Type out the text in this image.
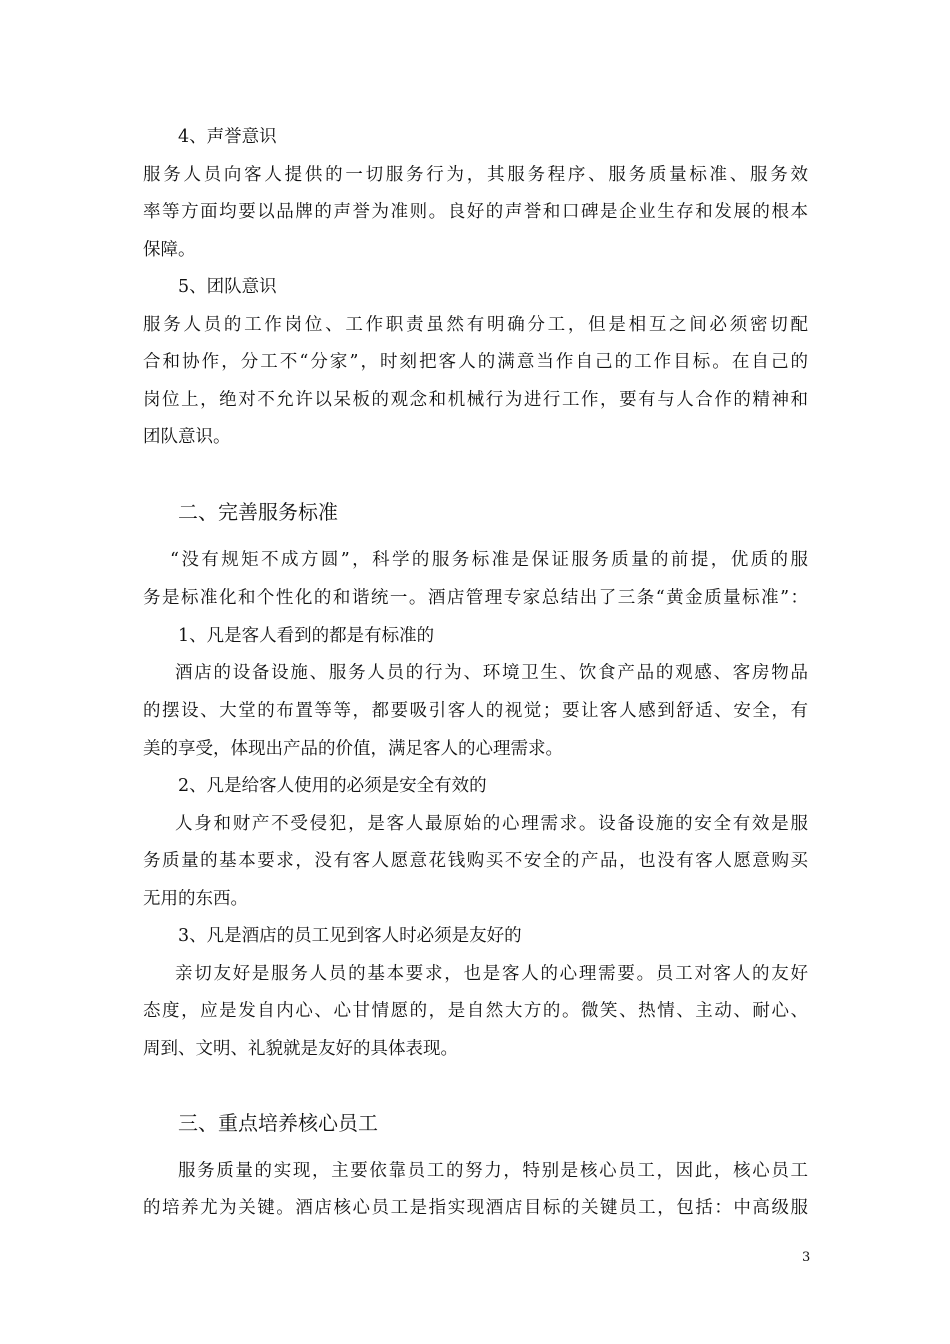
4、声誉意识
服务人员向客人提供的一切服务行为，其服务程序、服务质量标准、服务效
率等方面均要以品牌的声誉为准则。良好的声誉和口碑是企业生存和发展的根本
保障。
5、团队意识
服务人员的工作岗位、工作职责虽然有明确分工，但是相互之间必须密切配
合和协作，分工不“分家”，时刻把客人的满意当作自己的工作目标。在自己的
岗位上，绝对不允许以呆板的观念和机械行为进行工作，要有与人合作的精神和
团队意识。
二、完善服务标准
“没有规矩不成方圆”，科学的服务标准是保证服务质量的前提，优质的服
务是标准化和个性化的和谐统一。酒店管理专家总结出了三条“黄金质量标准”：
1、凡是客人看到的都是有标准的
酒店的设备设施、服务人员的行为、环境卫生、饮食产品的观感、客房物品
的摆设、大堂的布置等等，都要吸引客人的视觉；要让客人感到舒适、安全，有
美的享受，体现出产品的价值，满足客人的心理需求。
2、凡是给客人使用的必须是安全有效的
人身和财产不受侵犯，是客人最原始的心理需求。设备设施的安全有效是服
务质量的基本要求，没有客人愿意花钱购买不安全的产品，也没有客人愿意购买
无用的东西。
3、凡是酒店的员工见到客人时必须是友好的
亲切友好是服务人员的基本要求，也是客人的心理需要。员工对客人的友好
态度，应是发自内心、心甘情愿的，是自然大方的。微笑、热情、主动、耐心、
周到、文明、礼貌就是友好的具体表现。
三、重点培养核心员工
服务质量的实现，主要依靠员工的努力，特别是核心员工，因此，核心员工
的培养尤为关键。酒店核心员工是指实现酒店目标的关键员工，包括：中高级服
3
